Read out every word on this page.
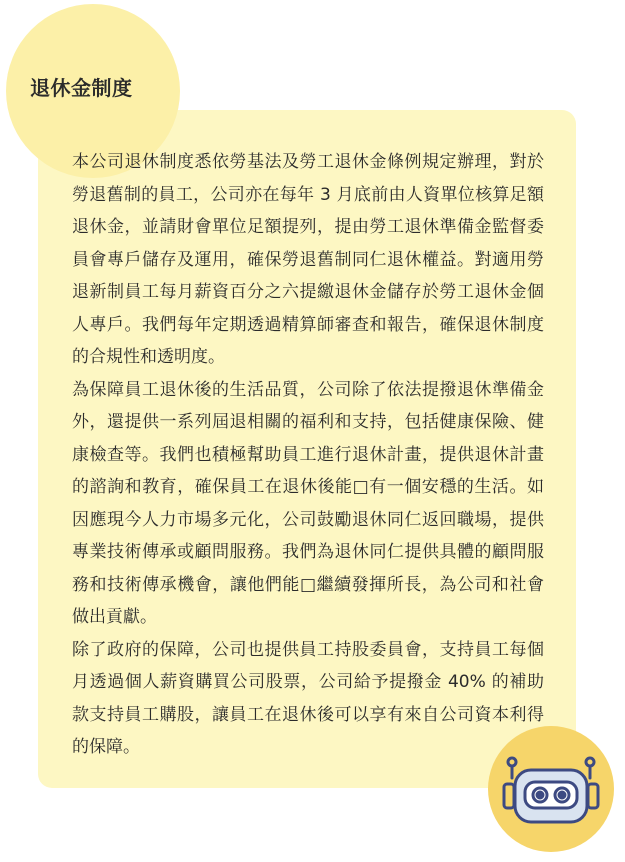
退休金制度

本公司退休制度悉依勞基法及勞工退休金條例規定辦理，對於勞退舊制的員工，公司亦在每年 3 月底前由人資單位核算足額退休金，並請財會單位足額提列，提由勞工退休準備金監督委員會專戶儲存及運用，確保勞退舊制同仁退休權益。對適用勞退新制員工每月薪資百分之六提繳退休金儲存於勞工退休金個人專戶。我們每年定期透過精算師審查和報告，確保退休制度的合規性和透明度。

為保障員工退休後的生活品質，公司除了依法提撥退休準備金外，還提供一系列屆退相關的福利和支持，包括健康保險、健康檢查等。我們也積極幫助員工進行退休計畫，提供退休計畫的諮詢和教育，確保員工在退休後能□有一個安穩的生活。如因應現今人力市場多元化，公司鼓勵退休同仁返回職場，提供專業技術傳承或顧問服務。我們為退休同仁提供具體的顧問服務和技術傳承機會，讓他們能□繼續發揮所長，為公司和社會做出貢獻。

除了政府的保障，公司也提供員工持股委員會，支持員工每個月透過個人薪資購買公司股票，公司給予提撥金 40% 的補助款支持員工購股，讓員工在退休後可以享有來自公司資本利得的保障。
